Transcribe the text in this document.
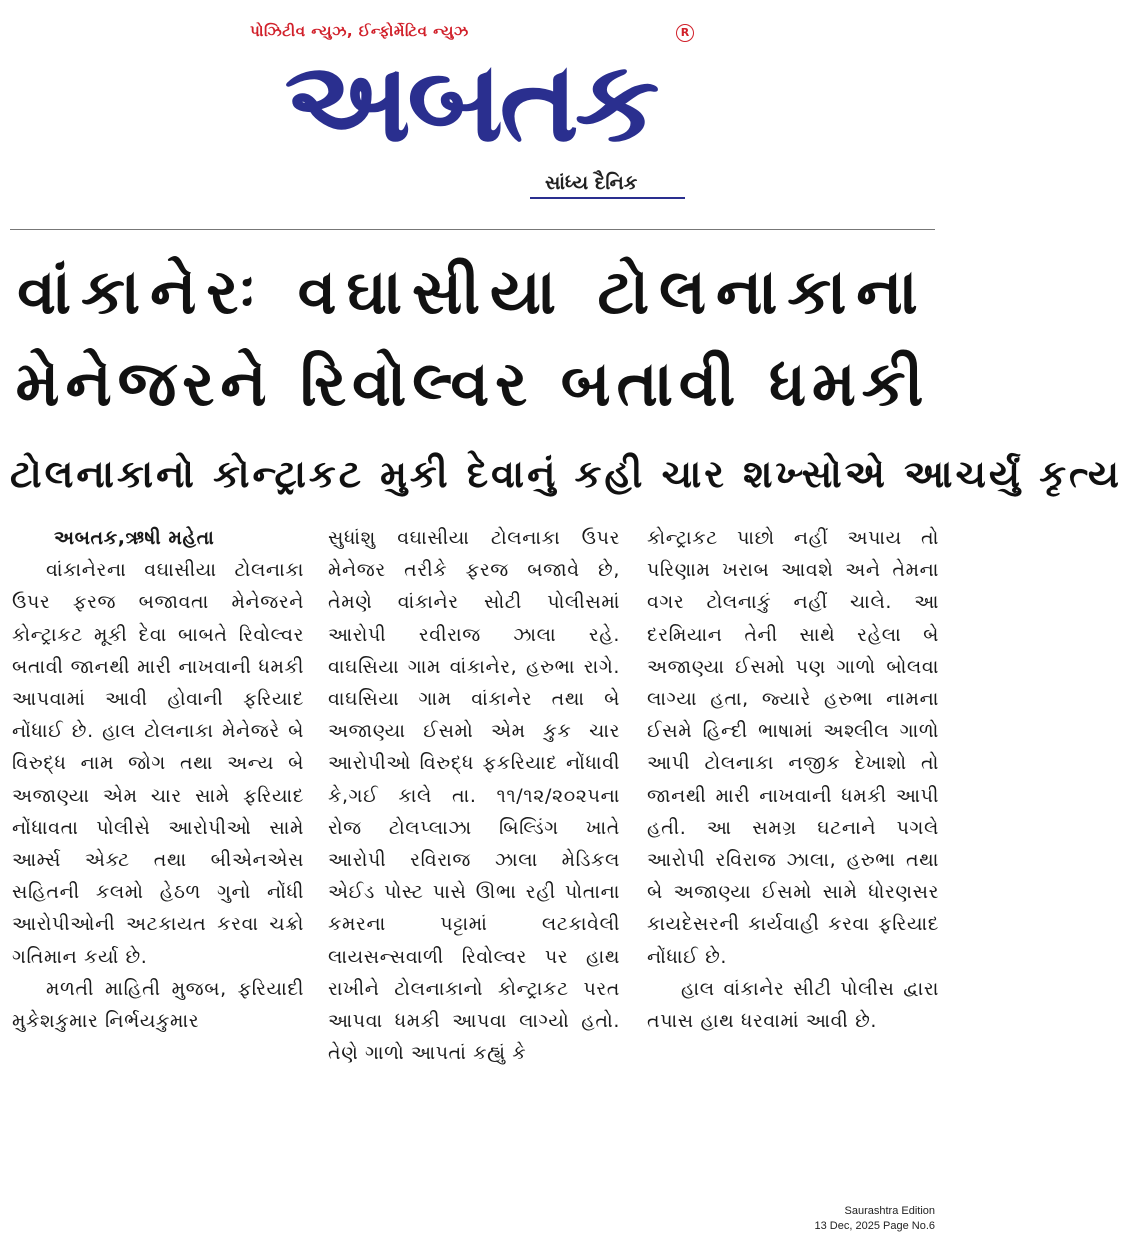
પોઝિટીવ ન્યુઝ, ઈન્ફોર્મેટિવ ન્યુઝ	R
અબતક
સાંધ્ય દૈનિક
વાંકાનેરઃ વઘાસીયા ટોલનાકાના
મેનેજરને રિવોલ્વર બતાવી ધમકી
ટોલનાકાનો કોન્ટ્રાકટ મુકી દેવાનું કહી ચાર શખ્સોએ આચર્યું કૃત્ય

અબતક,ઋષી મહેતા

વાંકાનેરના વઘાસીયા ટોલનાકા ઉપર ફરજ બજાવતા મેનેજરને કોન્ટ્રાકટ મૂકી દેવા બાબતે રિવોલ્વર બતાવી જાનથી મારી નાખવાની ધમકી આપવામાં આવી હોવાની ફરિયાદ નોંધાઈ છે. હાલ ટોલનાકા મેનેજરે બે વિરુદ્ધ નામ જોગ તથા અન્ય બે અજાણ્યા એમ ચાર સામે ફરિયાદ નોંધાવતા પોલીસે આરોપીઓ સામે આર્મ્સ એક્ટ તથા બીએનએસ સહિતની કલમો હેઠળ ગુનો નોંધી આરોપીઓની અટકાયત કરવા ચક્રો ગતિમાન કર્યા છે.

મળતી માહિતી મુજબ, ફરિયાદી મુકેશકુમાર નિર્ભયકુમાર

સુધાંશુ વઘાસીયા ટોલનાકા ઉપર મેનેજર તરીકે ફરજ બજાવે છે, તેમણે વાંકાનેર સોટી પોલીસમાં આરોપી રવીરાજ ઝાલા રહે. વાઘસિયા ગામ વાંકાનેર, હરુભા રાગે. વાઘસિયા ગામ વાંકાનેર તથા બે અજાણ્યા ઈસમો એમ કુક ચાર આરોપીઓ વિરુદ્ધ ફકરિયાદ નોંધાવી કે,ગઈ કાલે તા. ૧૧/૧૨/૨૦૨૫ના રોજ ટોલપ્લાઝા બિલ્ડિંગ ખાતે આરોપી રવિરાજ ઝાલા મેડિકલ એઈડ પોસ્ટ પાસે ઊભા રહી પોતાના કમરના પટ્ટામાં લટકાવેલી લાયસન્સવાળી રિવોલ્વર પર હાથ રાખીને ટોલનાકાનો કોન્ટ્રાકટ પરત આપવા ધમકી આપવા લાગ્યો હતો. તેણે ગાળો આપતાં કહ્યું કે

કોન્ટ્રાકટ પાછો નહીં અપાય તો પરિણામ ખરાબ આવશે અને તેમના વગર ટોલનાકું નહીં ચાલે. આ દરમિયાન તેની સાથે રહેલા બે અજાણ્યા ઈસમો પણ ગાળો બોલવા લાગ્યા હતા, જ્યારે હરુભા નામના ઈસમે હિન્દી ભાષામાં અશ્લીલ ગાળો આપી ટોલનાકા નજીક દેખાશો તો જાનથી મારી નાખવાની ધમકી આપી હતી. આ સમગ્ર ઘટનાને પગલે આરોપી રવિરાજ ઝાલા, હરુભા તથા બે અજાણ્યા ઈસમો સામે ધોરણસર કાયદેસરની કાર્યવાહી કરવા ફરિયાદ નોંધાઈ છે.

હાલ વાંકાનેર સીટી પોલીસ દ્વારા તપાસ હાથ ધરવામાં આવી છે.

Saurashtra Edition
13 Dec, 2025 Page No.6
